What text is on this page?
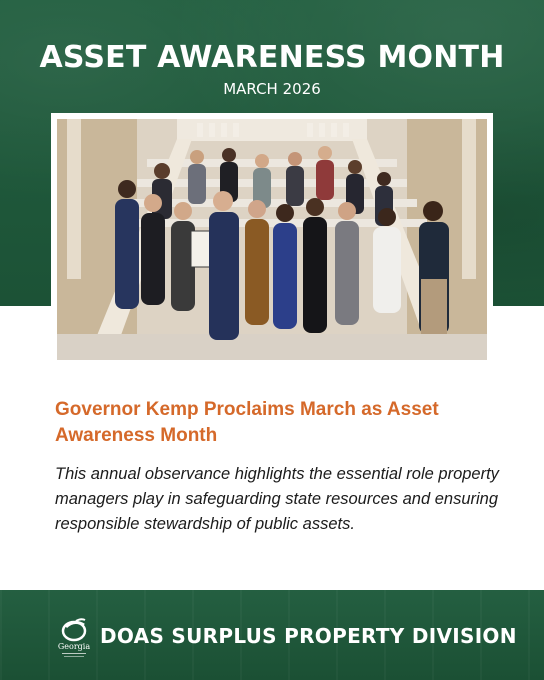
ASSET AWARENESS MONTH
MARCH 2026
Governor Kemp Proclaims March as Asset Awareness Month
This annual observance highlights the essential role property managers play in safeguarding state resources and ensuring responsible stewardship of public assets.
Georgia DOAS SURPLUS PROPERTY DIVISION
